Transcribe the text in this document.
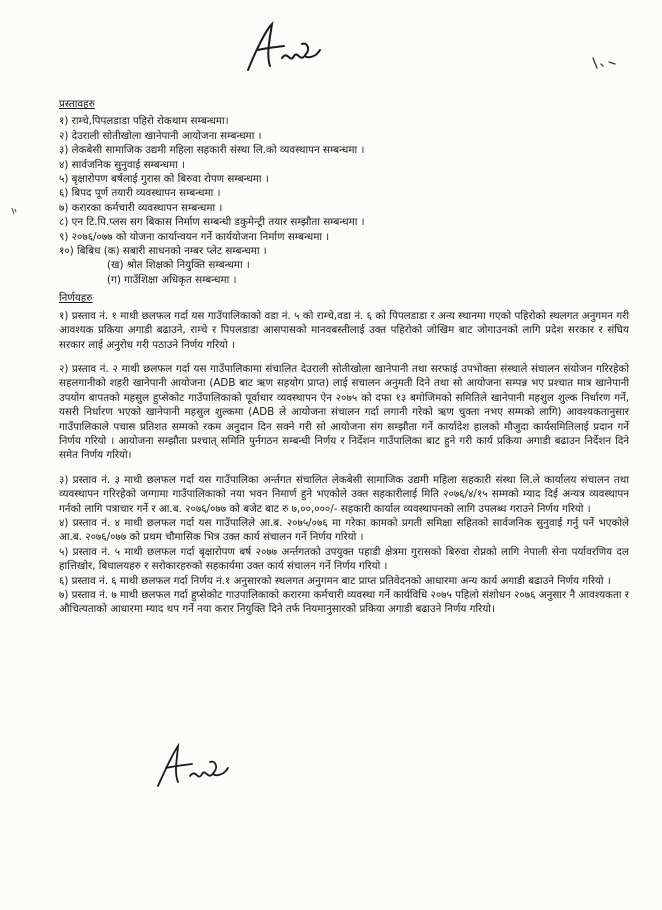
प्रस्तावहरु
१) राम्चे,पिपलडाडा पहिरो रोकथाम सम्बन्धमा।
२) देउराली सोतीखोला खानेपानी आयोजना सम्बन्धमा ।
३) लेकबेसी सामाजिक उद्यमी महिला सहकारी संस्था लि.को व्यवस्थापन सम्बन्धमा ।
४) सार्वजनिक सुनुवाई सम्बन्धमा ।
५) बृक्षारोपण बर्षलाई गुरास को बिरुवा रोपण सम्बन्धमा ।
६) बिपद पूर्ण तयारी व्यवस्थापन सम्बन्धमा ।
७) करारका कर्मचारी व्यवस्थापन सम्बन्धमा ।
८) एन टि.पि.प्लस सग बिकास निर्माण सम्बन्धी डकुमेन्ट्री तयार सम्झौता सम्बन्धमा ।
९) २०७६/०७७ को योजना कार्यान्वयन गर्ने कार्ययोजना निर्माण सम्बन्धमा ।
१०) बिबिध (क) सबारी साधनको नम्बर प्लेट सम्बन्धमा ।
(ख) श्रोत शिक्षको नियुक्ति सम्बन्धमा ।
(ग) गाउँशिक्षा अधिकृत सम्बन्धमा ।
निर्णयहरु

१) प्रस्ताव नं. १ माथी छलफल गर्दा यस गाउँपालिकाको वडा नं. ५ को राम्चे,वडा नं. ६ को पिपलडाडा र अन्य स्थानमा गएको पहिरोको स्थलगत अनुगमन गरी आवश्यक प्रकिया अगाडी बढाउने, राम्चे र पिपलडाडा आसपासको मानवबस्तीलाई उक्त पहिरोको जोखिम बाट जोगाउनको लागि प्रदेश सरकार र संघिय सरकार लाई अनुरोध गरी पठाउने निर्णय गरियो ।

२) प्रस्ताव नं. २ माथी छलफल गर्दा यस गाउँपालिकामा संचालित देउराली सोतीखोला खानेपानी तथा सरफाई उपभोक्ता संस्थाले संचालन संयोजन गरिरहेको सहलगानीको शहरी खानेपानी आयोजना (ADB बाट ऋण सहयोग प्राप्त) लाई सचालन अनुमती दिने तथा सो आयोजना सम्पन्न भए प्रश्चात मात्र खानेपानी उपयोग बापतको महसुल हुप्सेकोट गाउँपालिकाको पूर्वाधार व्यवस्थापन ऐन २०७५ को दफा १३ बमोजिमको समितिले खानेपानी महशुल शुल्क निर्धारण गर्ने, यसरी निर्धारण भएको खानेपानी महसुल शुल्कमा (ADB ले आयोजना संचालन गर्दा लगानी गरेको ऋण चुक्ता नभए सम्मको लागि) आवश्यकतानुसार गाउँपालिकाले पचास प्रतिशत सम्मको रकम अनुदान दिन सक्ने गरी सो आयोजना संग सम्झौता गर्ने कार्यादेश हालको मौजुदा कार्यसमितिलाई प्रदान गर्ने निर्णय गरियो । आयोजना सम्झौता प्रश्चात् समिति पुर्नगठन सम्बन्धी निर्णय र निर्देशन गाउँपालिका बाट हुने गरी कार्य प्रकिया अगाडी बढाउन निर्देशन दिने समेत निर्णय गरियो।

३) प्रस्ताव नं. ३ माथी छलफल गर्दा यस गाउँपालिका अर्न्तगत संचालित लेकबेसी सामाजिक उद्यमी महिला सहकारी संस्था लि.ले कार्यालय संचालन तथा व्यवस्थापन गरिरहेको जग्गामा गाउँपालिकाको नया भवन निमार्ण हुने भएकोले उक्त सहकारीलाई मिति २०७६/४/१५ सम्मको म्याद दिई अन्यत्र व्यवस्थापन गर्नको लागि पत्राचार गर्ने र आ.ब. २०७६/०७७ को बजेट बाट रु ७,००,०००/- सहकारी कार्याल व्यवस्थापनको लागि उपलब्ध गराउने निर्णय गरियो ।

४) प्रस्ताव नं. ४ माथी छलफल गर्दा यस गाउँपालिले आ.ब. २०७५/०७६ मा गरेका कामको प्रगती समिक्षा सहितको सार्वजनिक सुनुवाई गर्नु पर्ने भएकोले आ.ब. २०७६/०७७ को प्रथम चौमासिक भित्र उक्त कार्य संचालन गर्ने निर्णय गरियो ।

५) प्रस्ताव नं. ५ माथी छलफल गर्दा बृक्षारोपण बर्ष २०७७ अर्न्तगतको उपयुक्त पहाडी क्षेत्रमा गुरासको बिरुवा रोप्नको लागि नेपाली सेना पर्यावरणिय दल हात्तिखोर, बिधालयहरु र सरोकारहरुको सहकार्यमा उक्त कार्य संचालन गर्ने निर्णय गरियो ।

६) प्रस्ताव नं. ६ माथी छलफल गर्दा निर्णय नं.१ अनुसारको स्थलगत अनुगमन बाट प्राप्त प्रतिवेदनको आधारमा अन्य कार्य अगाडी बढाउने निर्णय गरियो ।

७) प्रस्ताव नं. ७ माथी छलफल गर्दा हुप्सेकोट गाउपालिकाको करारमा कर्मचारी व्यवस्था गर्ने कार्यविधि २०७५ पहिलो संशोधन २०७६ अनुसार नै आवश्यकता र औचित्यताको आधारमा म्याद थप गर्ने नया करार नियुक्ति दिने तर्फ नियमानुसारको प्रकिया अगाडी बढाउने निर्णय गरियो।
